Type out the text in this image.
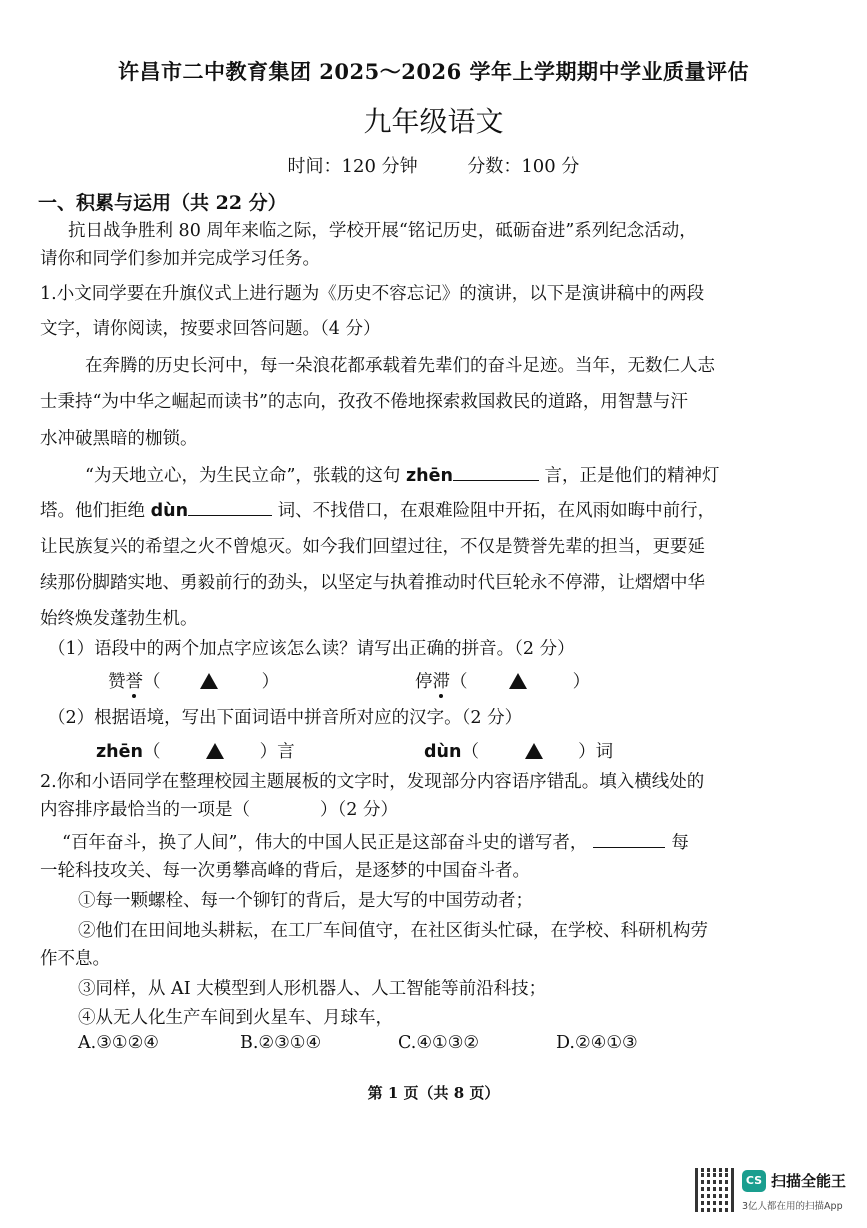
许昌市二中教育集团 2025～2026 学年上学期期中学业质量评估
九年级语文
时间：120 分钟	分数：100 分
一、积累与运用（共 22 分）
抗日战争胜利 80 周年来临之际，学校开展“铭记历史，砥砺奋进”系列纪念活动，
请你和同学们参加并完成学习任务。
1.小文同学要在升旗仪式上进行题为《历史不容忘记》的演讲，以下是演讲稿中的两段
文字，请你阅读，按要求回答问题。（4 分）
在奔腾的历史长河中，每一朵浪花都承载着先辈们的奋斗足迹。当年，无数仁人志
士秉持“为中华之崛起而读书”的志向，孜孜不倦地探索救国救民的道路，用智慧与汗
水冲破黑暗的枷锁。
“为天地立心，为生民立命”，张载的这句 zhēn	言，正是他们的精神灯
塔。他们拒绝 dùn	词、不找借口，在艰难险阻中开拓，在风雨如晦中前行，
让民族复兴的希望之火不曾熄灭。如今我们回望过往，不仅是赞誉先辈的担当，更要延
续那份脚踏实地、勇毅前行的劲头，以坚定与执着推动时代巨轮永不停滞，让熠熠中华
始终焕发蓬勃生机。
（1）语段中的两个加点字应该怎么读？请写出正确的拼音。（2 分）
赞誉（	）	停滞（	）
（2）根据语境，写出下面词语中拼音所对应的汉字。（2 分）
zhēn（	）言	dùn（	）词
2.你和小语同学在整理校园主题展板的文字时，发现部分内容语序错乱。填入横线处的
内容排序最恰当的一项是（	）（2 分）
“百年奋斗，换了人间”，伟大的中国人民正是这部奋斗史的谱写者，	每
一轮科技攻关、每一次勇攀高峰的背后，是逐梦的中国奋斗者。
①每一颗螺栓、每一个铆钉的背后，是大写的中国劳动者；
②他们在田间地头耕耘，在工厂车间值守，在社区街头忙碌，在学校、科研机构劳
作不息。
③同样，从 AI 大模型到人形机器人、人工智能等前沿科技；
④从无人化生产车间到火星车、月球车，
A.③①②④	B.②③①④	C.④①③②	D.②④①③
第 1 页（共 8 页）
CS 扫描全能王
3亿人都在用的扫描App
